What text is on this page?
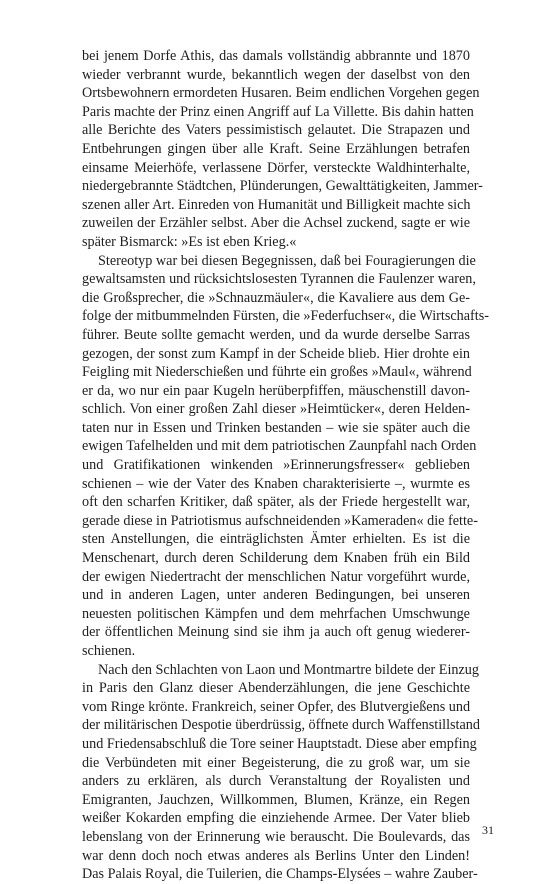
bei jenem Dorfe Athis, das damals vollständig abbrannte und 1870
wieder verbrannt wurde, bekanntlich wegen der daselbst von den
Ortsbewohnern ermordeten Husaren. Beim endlichen Vorgehen gegen
Paris machte der Prinz einen Angriff auf La Villette. Bis dahin hatten
alle Berichte des Vaters pessimistisch gelautet. Die Strapazen und
Entbehrungen gingen über alle Kraft. Seine Erzählungen betrafen
einsame Meierhöfe, verlassene Dörfer, versteckte Waldhinterhalte,
niedergebrannte Städtchen, Plünderungen, Gewalttätigkeiten, Jammer-
szenen aller Art. Einreden von Humanität und Billigkeit machte sich
zuweilen der Erzähler selbst. Aber die Achsel zuckend, sagte er wie
später Bismarck: »Es ist eben Krieg.«
Stereotyp war bei diesen Begegnissen, daß bei Fouragierungen die
gewaltsamsten und rücksichtslosesten Tyrannen die Faulenzer waren,
die Großsprecher, die »Schnauzmäuler«, die Kavaliere aus dem Ge-
folge der mitbummelnden Fürsten, die »Federfuchser«, die Wirtschafts-
führer. Beute sollte gemacht werden, und da wurde derselbe Sarras
gezogen, der sonst zum Kampf in der Scheide blieb. Hier drohte ein
Feigling mit Niederschießen und führte ein großes »Maul«, während
er da, wo nur ein paar Kugeln herüberpfiffen, mäuschenstill davon-
schlich. Von einer großen Zahl dieser »Heimtücker«, deren Helden-
taten nur in Essen und Trinken bestanden – wie sie später auch die
ewigen Tafelhelden und mit dem patriotischen Zaunpfahl nach Orden
und Gratifikationen winkenden »Erinnerungsfresser« geblieben
schienen – wie der Vater des Knaben charakterisierte –, wurmte es
oft den scharfen Kritiker, daß später, als der Friede hergestellt war,
gerade diese in Patriotismus aufschneidenden »Kameraden« die fette-
sten Anstellungen, die einträglichsten Ämter erhielten. Es ist die
Menschenart, durch deren Schilderung dem Knaben früh ein Bild
der ewigen Niedertracht der menschlichen Natur vorgeführt wurde,
und in anderen Lagen, unter anderen Bedingungen, bei unseren
neuesten politischen Kämpfen und dem mehrfachen Umschwunge
der öffentlichen Meinung sind sie ihm ja auch oft genug wiederer-
schienen.
Nach den Schlachten von Laon und Montmartre bildete der Einzug
in Paris den Glanz dieser Abenderzählungen, die jene Geschichte
vom Ringe krönte. Frankreich, seiner Opfer, des Blutvergießens und
der militärischen Despotie überdrüssig, öffnete durch Waffenstillstand
und Friedensabschluß die Tore seiner Hauptstadt. Diese aber empfing
die Verbündeten mit einer Begeisterung, die zu groß war, um sie
anders zu erklären, als durch Veranstaltung der Royalisten und
Emigranten, Jauchzen, Willkommen, Blumen, Kränze, ein Regen
weißer Kokarden empfing die einziehende Armee. Der Vater blieb
lebenslang von der Erinnerung wie berauscht. Die Boulevards, das
war denn doch noch etwas anderes als Berlins Unter den Linden!
Das Palais Royal, die Tuilerien, die Champs-Elysées – wahre Zauber-
31
